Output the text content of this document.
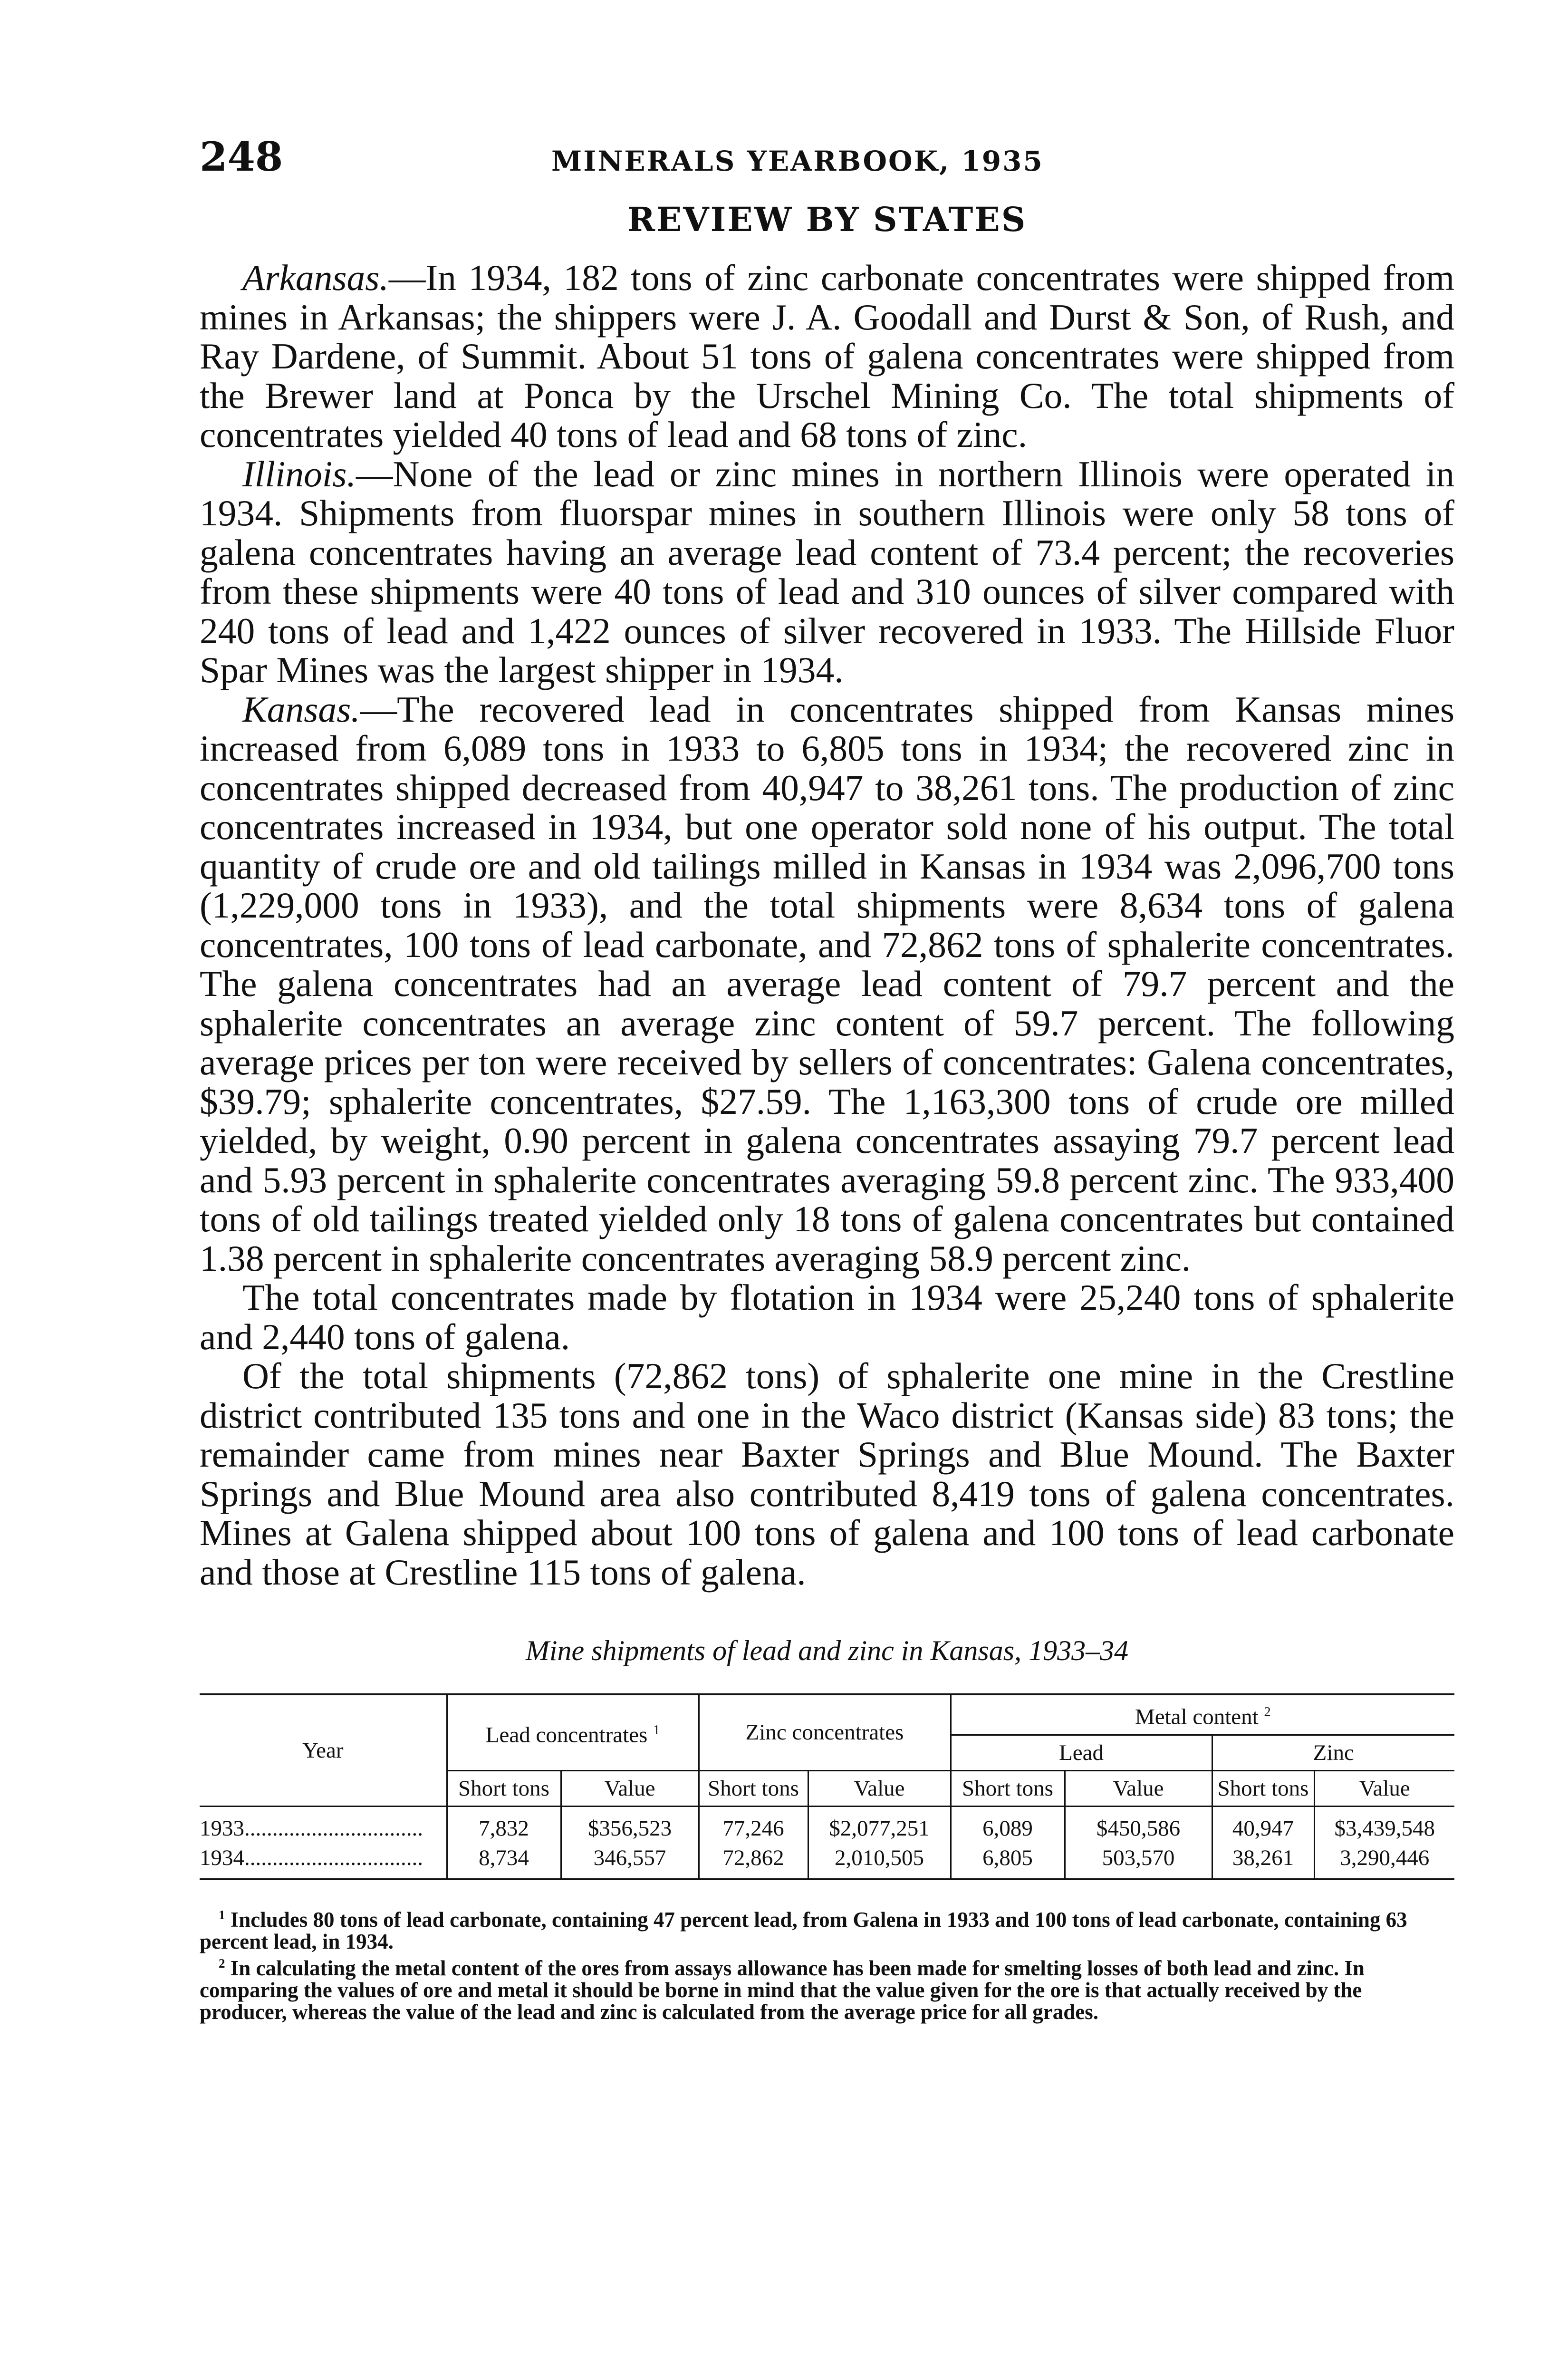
248	MINERALS YEARBOOK, 1935
REVIEW BY STATES

Arkansas.—In 1934, 182 tons of zinc carbonate concentrates were shipped from mines in Arkansas; the shippers were J. A. Goodall and Durst & Son, of Rush, and Ray Dardene, of Summit. About 51 tons of galena concentrates were shipped from the Brewer land at Ponca by the Urschel Mining Co. The total shipments of concentrates yielded 40 tons of lead and 68 tons of zinc.

Illinois.—None of the lead or zinc mines in northern Illinois were operated in 1934. Shipments from fluorspar mines in southern Illinois were only 58 tons of galena concentrates having an average lead content of 73.4 percent; the recoveries from these shipments were 40 tons of lead and 310 ounces of silver compared with 240 tons of lead and 1,422 ounces of silver recovered in 1933. The Hillside Fluor Spar Mines was the largest shipper in 1934.

Kansas.—The recovered lead in concentrates shipped from Kansas mines increased from 6,089 tons in 1933 to 6,805 tons in 1934; the recovered zinc in concentrates shipped decreased from 40,947 to 38,261 tons. The production of zinc concentrates increased in 1934, but one operator sold none of his output. The total quantity of crude ore and old tailings milled in Kansas in 1934 was 2,096,700 tons (1,229,000 tons in 1933), and the total shipments were 8,634 tons of galena concentrates, 100 tons of lead carbonate, and 72,862 tons of sphalerite concentrates. The galena concentrates had an average lead content of 79.7 percent and the sphalerite concentrates an average zinc content of 59.7 percent. The following average prices per ton were received by sellers of concentrates: Galena concentrates, $39.79; sphalerite concentrates, $27.59. The 1,163,300 tons of crude ore milled yielded, by weight, 0.90 percent in galena concentrates assaying 79.7 percent lead and 5.93 percent in sphalerite concentrates averaging 59.8 percent zinc. The 933,400 tons of old tailings treated yielded only 18 tons of galena concentrates but contained 1.38 percent in sphalerite concentrates averaging 58.9 percent zinc.

The total concentrates made by flotation in 1934 were 25,240 tons of sphalerite and 2,440 tons of galena.

Of the total shipments (72,862 tons) of sphalerite one mine in the Crestline district contributed 135 tons and one in the Waco district (Kansas side) 83 tons; the remainder came from mines near Baxter Springs and Blue Mound. The Baxter Springs and Blue Mound area also contributed 8,419 tons of galena concentrates. Mines at Galena shipped about 100 tons of galena and 100 tons of lead carbonate and those at Crestline 115 tons of galena.

Mine shipments of lead and zinc in Kansas, 1933–34
Year	Lead concentrates $^1$		Zinc concentrates		Metal content $^2$
					Lead		Zinc	
	Short tons	Value	Short tons	Value	Short tons	Value	Short tons	Value
1933................................	7,832	$356,523	77,246	$2,077,251	6,089	$450,586	40,947	$3,439,548
1934................................	8,734	346,557	72,862	2,010,505	6,805	503,570	38,261	3,290,446

$^1$ Includes 80 tons of lead carbonate, containing 47 percent lead, from Galena in 1933 and 100 tons of lead carbonate, containing 63 percent lead, in 1934.

$^2$ In calculating the metal content of the ores from assays allowance has been made for smelting losses of both lead and zinc. In comparing the values of ore and metal it should be borne in mind that the value given for the ore is that actually received by the producer, whereas the value of the lead and zinc is calculated from the average price for all grades.
